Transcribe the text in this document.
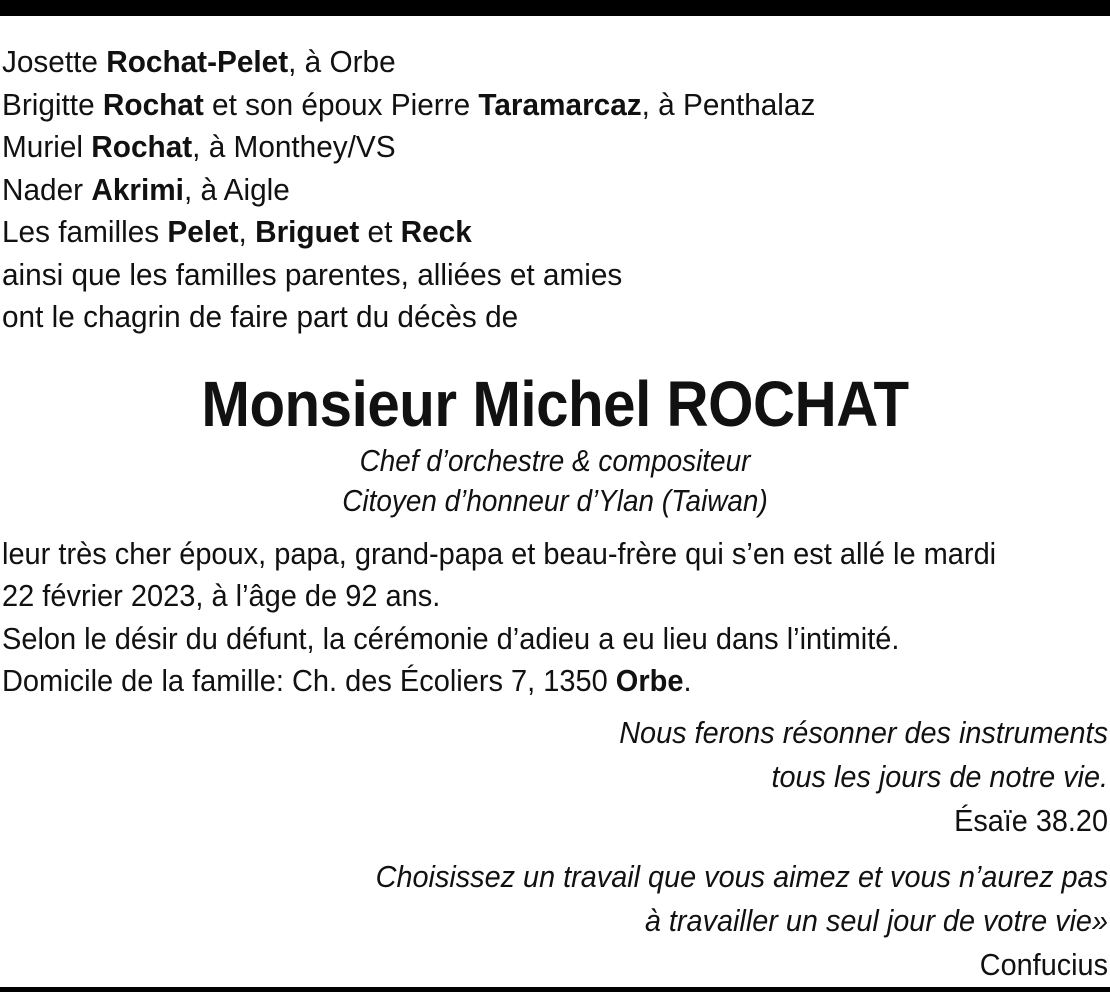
Josette Rochat-Pelet, à Orbe
Brigitte Rochat et son époux Pierre Taramarcaz, à Penthalaz
Muriel Rochat, à Monthey/VS
Nader Akrimi, à Aigle
Les familles Pelet, Briguet et Reck
ainsi que les familles parentes, alliées et amies
ont le chagrin de faire part du décès de
Monsieur Michel ROCHAT
Chef d’orchestre & compositeur
Citoyen d’honneur d’Ylan (Taiwan)
leur très cher époux, papa, grand-papa et beau-frère qui s’en est allé le mardi
22 février 2023, à l’âge de 92 ans.
Selon le désir du défunt, la cérémonie d’adieu a eu lieu dans l’intimité.
Domicile de la famille: Ch. des Écoliers 7, 1350 Orbe.
Nous ferons résonner des instruments
tous les jours de notre vie.
Ésaïe 38.20
Choisissez un travail que vous aimez et vous n’aurez pas
à travailler un seul jour de votre vie»
Confucius
